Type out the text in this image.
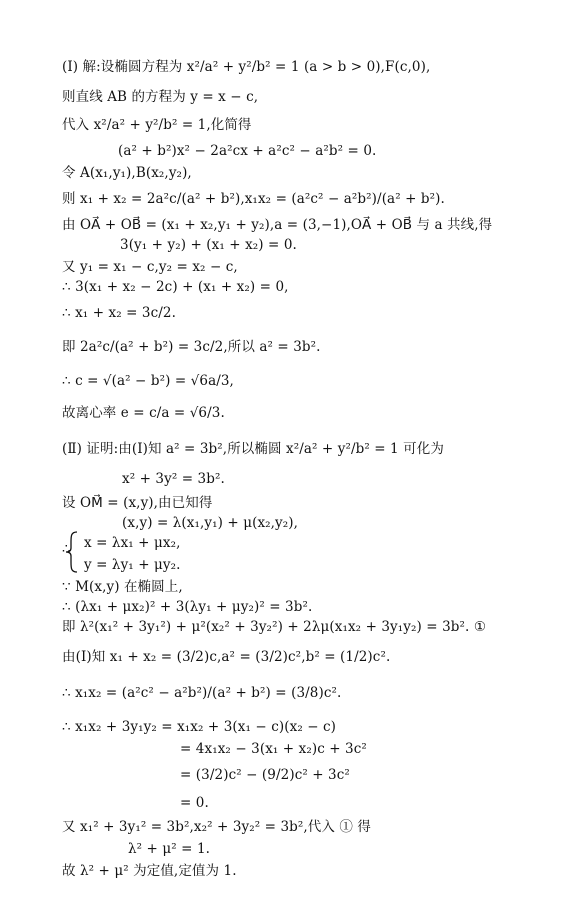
(Ⅰ) 解:设椭圆方程为 x²/a² + y²/b² = 1 (a > b > 0),F(c,0),
则直线 AB 的方程为 y = x − c,
代入 x²/a² + y²/b² = 1,化简得
(a² + b²)x² − 2a²cx + a²c² − a²b² = 0.
令 A(x₁,y₁),B(x₂,y₂),
则 x₁ + x₂ = 2a²c/(a² + b²),x₁x₂ = (a²c² − a²b²)/(a² + b²).
由 OA⃗ + OB⃗ = (x₁ + x₂,y₁ + y₂),a = (3,−1),OA⃗ + OB⃗ 与 a 共线,得
3(y₁ + y₂) + (x₁ + x₂) = 0.
又 y₁ = x₁ − c,y₂ = x₂ − c,
∴ 3(x₁ + x₂ − 2c) + (x₁ + x₂) = 0,
∴ x₁ + x₂ = 3c/2.
即 2a²c/(a² + b²) = 3c/2,所以 a² = 3b².
∴ c = √(a² − b²) = √6a/3,
故离心率 e = c/a = √6/3.
(Ⅱ) 证明:由(Ⅰ)知 a² = 3b²,所以椭圆 x²/a² + y²/b² = 1 可化为
x² + 3y² = 3b².
设 OM⃗ = (x,y),由已知得
(x,y) = λ(x₁,y₁) + μ(x₂,y₂),
∴ x = λx₁ + μx₂,
y = λy₁ + μy₂.
∵ M(x,y) 在椭圆上,
∴ (λx₁ + μx₂)² + 3(λy₁ + μy₂)² = 3b².
即 λ²(x₁² + 3y₁²) + μ²(x₂² + 3y₂²) + 2λμ(x₁x₂ + 3y₁y₂) = 3b². ①
由(Ⅰ)知 x₁ + x₂ = (3/2)c,a² = (3/2)c²,b² = (1/2)c².
∴ x₁x₂ = (a²c² − a²b²)/(a² + b²) = (3/8)c².
∴ x₁x₂ + 3y₁y₂ = x₁x₂ + 3(x₁ − c)(x₂ − c)
= 4x₁x₂ − 3(x₁ + x₂)c + 3c²
= (3/2)c² − (9/2)c² + 3c²
= 0.
又 x₁² + 3y₁² = 3b²,x₂² + 3y₂² = 3b²,代入 ① 得
λ² + μ² = 1.
故 λ² + μ² 为定值,定值为 1.
